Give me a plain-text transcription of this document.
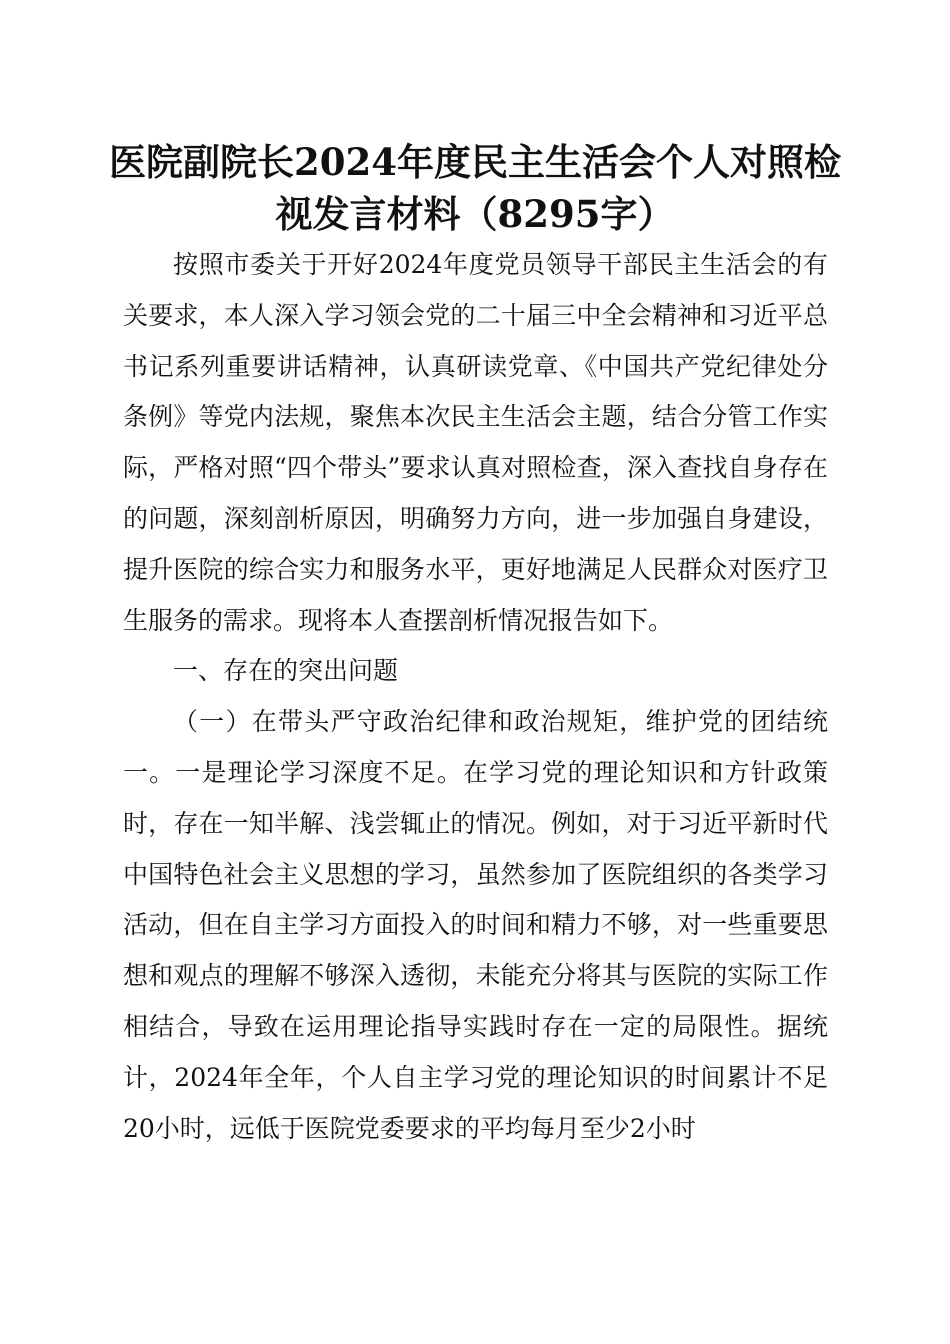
医院副院长2024年度民主生活会个人对照检
视发言材料（8295字）

按照市委关于开好2024年度党员领导干部民主生活会的有关要求，本人深入学习领会党的二十届三中全会精神和习近平总书记系列重要讲话精神，认真研读党章、《中国共产党纪律处分条例》等党内法规，聚焦本次民主生活会主题，结合分管工作实际，严格对照“四个带头”要求认真对照检查，深入查找自身存在的问题，深刻剖析原因，明确努力方向，进一步加强自身建设，提升医院的综合实力和服务水平，更好地满足人民群众对医疗卫生服务的需求。现将本人查摆剖析情况报告如下。

一、存在的突出问题

（一）在带头严守政治纪律和政治规矩，维护党的团结统一。一是理论学习深度不足。在学习党的理论知识和方针政策时，存在一知半解、浅尝辄止的情况。例如，对于习近平新时代中国特色社会主义思想的学习，虽然参加了医院组织的各类学习活动，但在自主学习方面投入的时间和精力不够，对一些重要思想和观点的理解不够深入透彻，未能充分将其与医院的实际工作相结合，导致在运用理论指导实践时存在一定的局限性。据统计，2024年全年，个人自主学习党的理论知识的时间累计不足20小时，远低于医院党委要求的平均每月至少2小时
